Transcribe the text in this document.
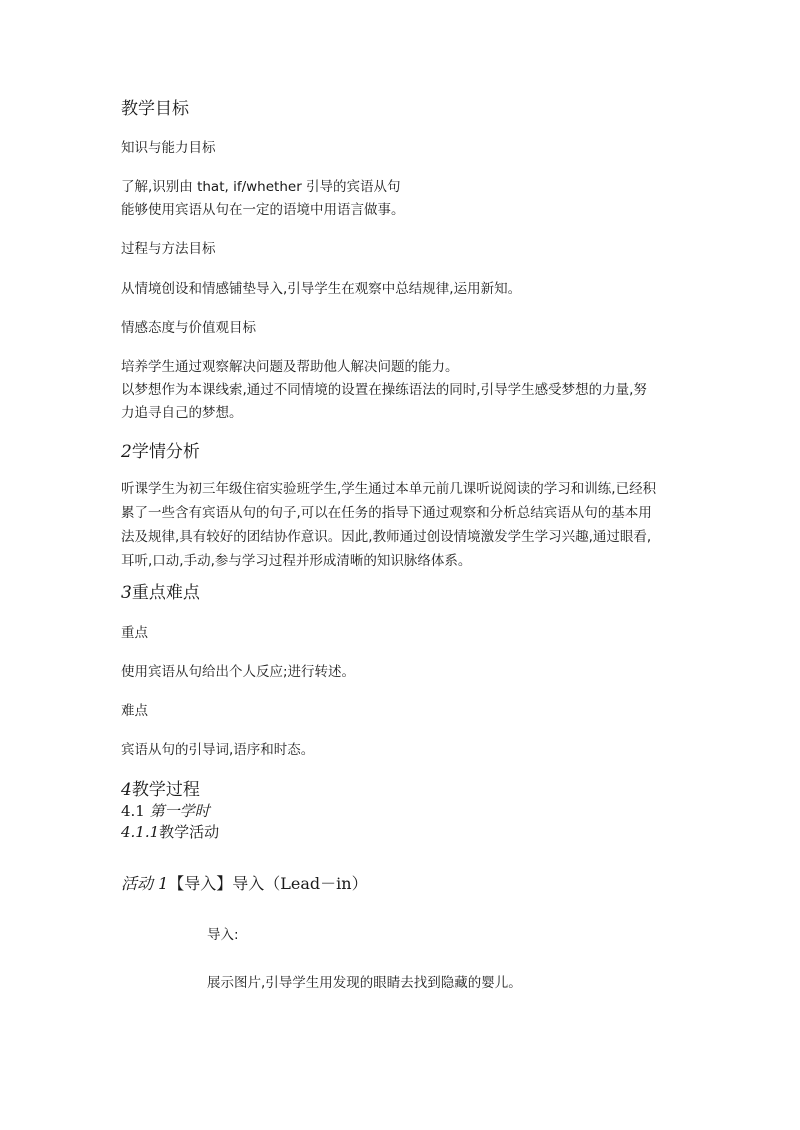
教学目标
知识与能力目标
了解,识别由 that, if/whether 引导的宾语从句
能够使用宾语从句在一定的语境中用语言做事。
过程与方法目标
从情境创设和情感铺垫导入,引导学生在观察中总结规律,运用新知。
情感态度与价值观目标
培养学生通过观察解决问题及帮助他人解决问题的能力。
以梦想作为本课线索,通过不同情境的设置在操练语法的同时,引导学生感受梦想的力量,努
力追寻自己的梦想。
2学情分析
听课学生为初三年级住宿实验班学生,学生通过本单元前几课听说阅读的学习和训练,已经积
累了一些含有宾语从句的句子,可以在任务的指导下通过观察和分析总结宾语从句的基本用
法及规律,具有较好的团结协作意识。因此,教师通过创设情境激发学生学习兴趣,通过眼看,
耳听,口动,手动,参与学习过程并形成清晰的知识脉络体系。
3重点难点
重点
使用宾语从句给出个人反应;进行转述。
难点
宾语从句的引导词,语序和时态。
4教学过程
4.1 第一学时
4.1.1教学活动
活动 1【导入】导入（Lead－in）
导入:
展示图片,引导学生用发现的眼睛去找到隐藏的婴儿。
